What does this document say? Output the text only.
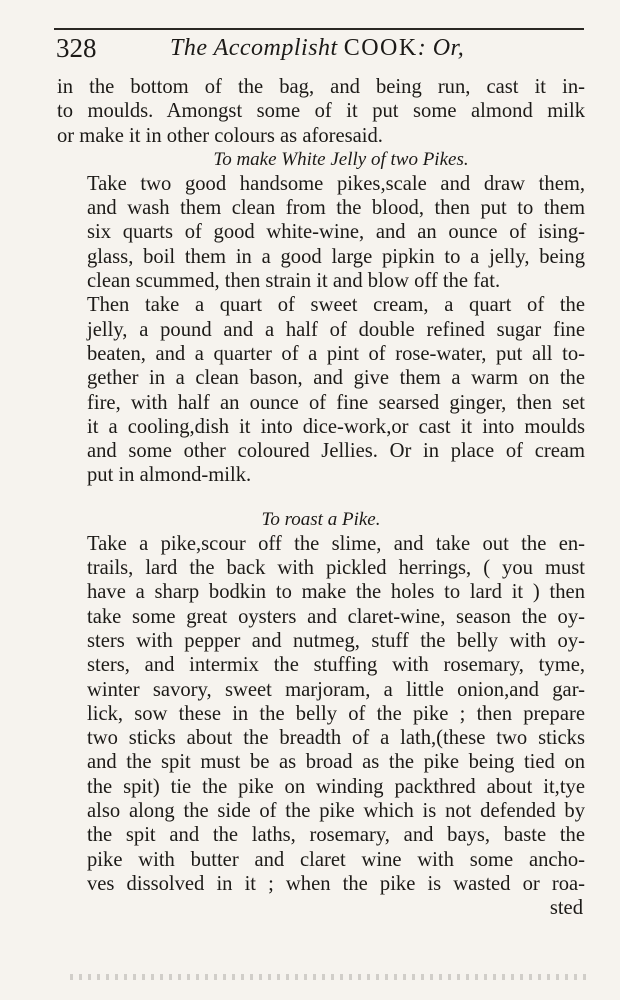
328	The Accomplisht COOK: Or,

in the bottom of the bag, and being run, cast it in-
to moulds. Amongst some of it put some almond milk
or make it in other colours as aforesaid.

To make White Jelly of two Pikes.

Take two good handsome pikes,scale and draw them,
and wash them clean from the blood, then put to them
six quarts of good white-wine, and an ounce of ising-
glass, boil them in a good large pipkin to a jelly, being
clean scummed, then strain it and blow off the fat.

Then take a quart of sweet cream, a quart of the
jelly, a pound and a half of double refined sugar fine
beaten, and a quarter of a pint of rose-water, put all to-
gether in a clean bason, and give them a warm on the
fire, with half an ounce of fine searsed ginger, then set
it a cooling,dish it into dice-work,or cast it into moulds
and some other coloured Jellies. Or in place of cream
put in almond-milk.

To roast a Pike.

Take a pike,scour off the slime, and take out the en-
trails, lard the back with pickled herrings, ( you must
have a sharp bodkin to make the holes to lard it ) then
take some great oysters and claret-wine, season the oy-
sters with pepper and nutmeg, stuff the belly with oy-
sters, and intermix the stuffing with rosemary, tyme,
winter savory, sweet marjoram, a little onion,and gar-
lick, sow these in the belly of the pike ; then prepare
two sticks about the breadth of a lath,(these two sticks
and the spit must be as broad as the pike being tied on
the spit) tie the pike on winding packthred about it,tye
also along the side of the pike which is not defended by
the spit and the laths, rosemary, and bays, baste the
pike with butter and claret wine with some ancho-
ves dissolved in it ; when the pike is wasted or roa-

sted
